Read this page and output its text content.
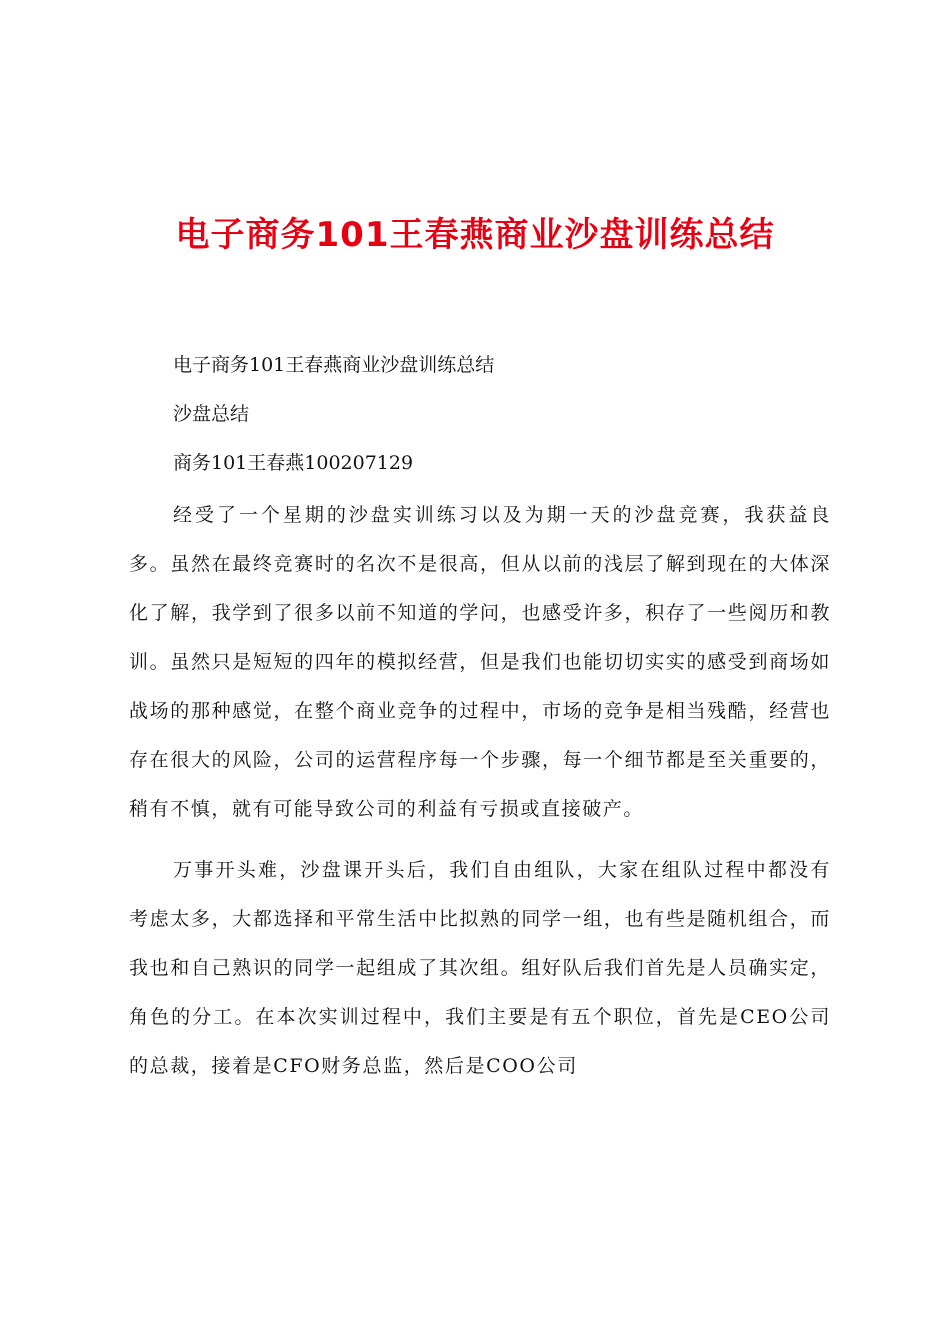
电子商务101王春燕商业沙盘训练总结
电子商务101王春燕商业沙盘训练总结
沙盘总结
商务101王春燕100207129

经受了一个星期的沙盘实训练习以及为期一天的沙盘竞赛，我获益良多。虽然在最终竞赛时的名次不是很高，但从以前的浅层了解到现在的大体深化了解，我学到了很多以前不知道的学问，也感受许多，积存了一些阅历和教训。虽然只是短短的四年的模拟经营，但是我们也能切切实实的感受到商场如战场的那种感觉，在整个商业竞争的过程中，市场的竞争是相当残酷，经营也存在很大的风险，公司的运营程序每一个步骤，每一个细节都是至关重要的，稍有不慎，就有可能导致公司的利益有亏损或直接破产。

万事开头难，沙盘课开头后，我们自由组队，大家在组队过程中都没有考虑太多，大都选择和平常生活中比拟熟的同学一组，也有些是随机组合，而我也和自己熟识的同学一起组成了其次组。组好队后我们首先是人员确实定，角色的分工。在本次实训过程中，我们主要是有五个职位，首先是CEO公司的总裁，接着是CFO财务总监，然后是COO公司
